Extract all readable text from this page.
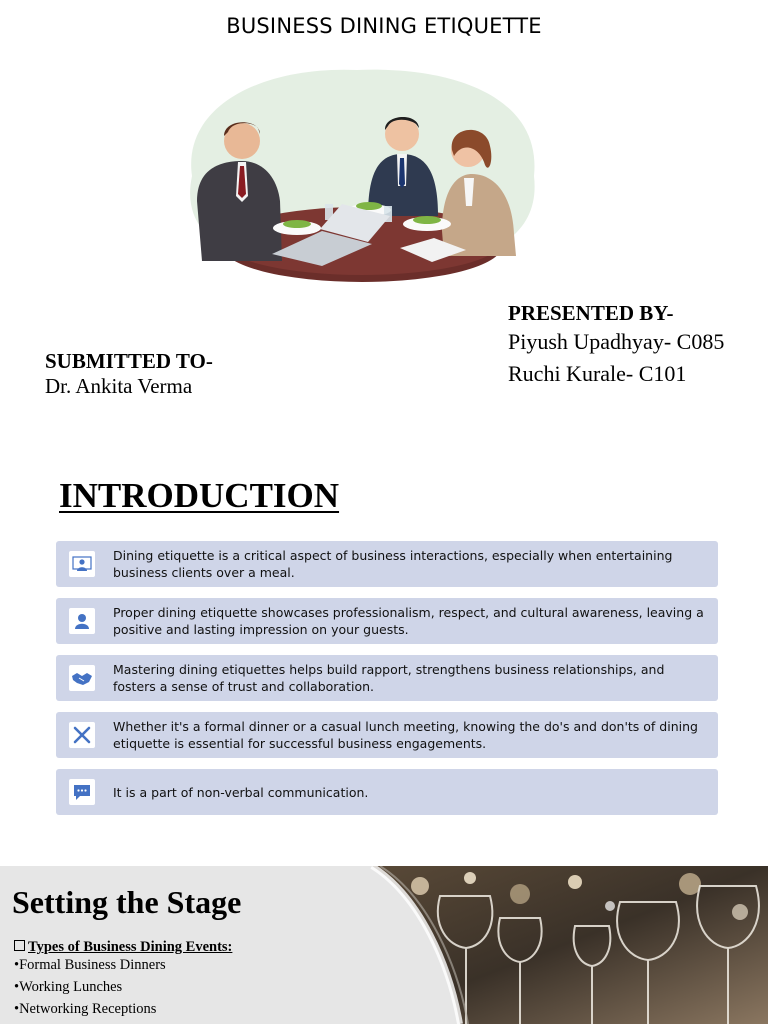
BUSINESS DINING ETIQUETTE
SUBMITTED TO-
Dr. Ankita Verma
PRESENTED BY-
Piyush Upadhyay- C085
Ruchi Kurale- C101
INTRODUCTION
Dining etiquette is a critical aspect of business interactions, especially when entertaining business clients over a meal.
Proper dining etiquette showcases professionalism, respect, and cultural awareness, leaving a positive and lasting impression on your guests.
Mastering dining etiquettes helps build rapport, strengthens business relationships, and fosters a sense of trust and collaboration.
Whether it's a formal dinner or a casual lunch meeting, knowing the do's and don'ts of dining etiquette is essential for successful business engagements.
It is a part of non-verbal communication.
Setting the Stage
Types of Business Dining Events:
•Formal Business Dinners
•Working Lunches
•Networking Receptions
